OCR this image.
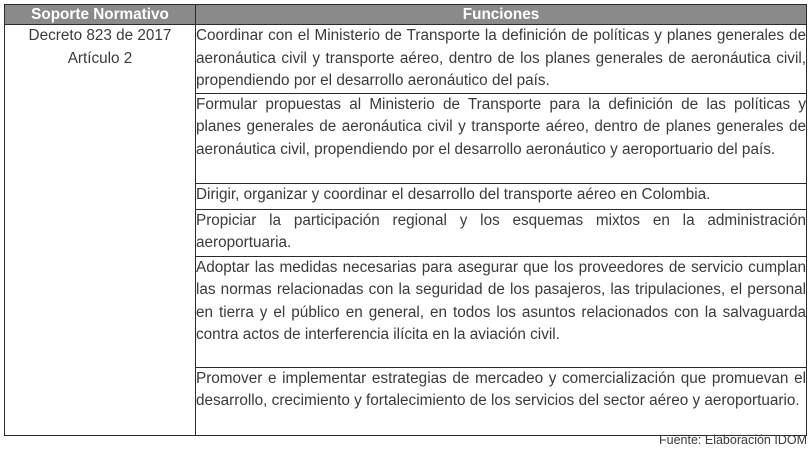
Soporte Normativo	Funciones

Decreto 823 de 2017
Artículo 2	Coordinar con el Ministerio de Transporte la definición de políticas y planes generales de aeronáutica civil y transporte aéreo, dentro de los planes generales de aeronáutica civil, propendiendo por el desarrollo aeronáutico del país.
	Formular propuestas al Ministerio de Transporte para la definición de las políticas y planes generales de aeronáutica civil y transporte aéreo, dentro de planes generales de aeronáutica civil, propendiendo por el desarrollo aeronáutico y aeroportuario del país.
	Dirigir, organizar y coordinar el desarrollo del transporte aéreo en Colombia.
	Propiciar la participación regional y los esquemas mixtos en la administración aeroportuaria.
	Adoptar las medidas necesarias para asegurar que los proveedores de servicio cumplan las normas relacionadas con la seguridad de los pasajeros, las tripulaciones, el personal en tierra y el público en general, en todos los asuntos relacionados con la salvaguarda contra actos de interferencia ilícita en la aviación civil.
	Promover e implementar estrategias de mercadeo y comercialización que promuevan el desarrollo, crecimiento y fortalecimiento de los servicios del sector aéreo y aeroportuario.
Fuente: Elaboración IDOM
